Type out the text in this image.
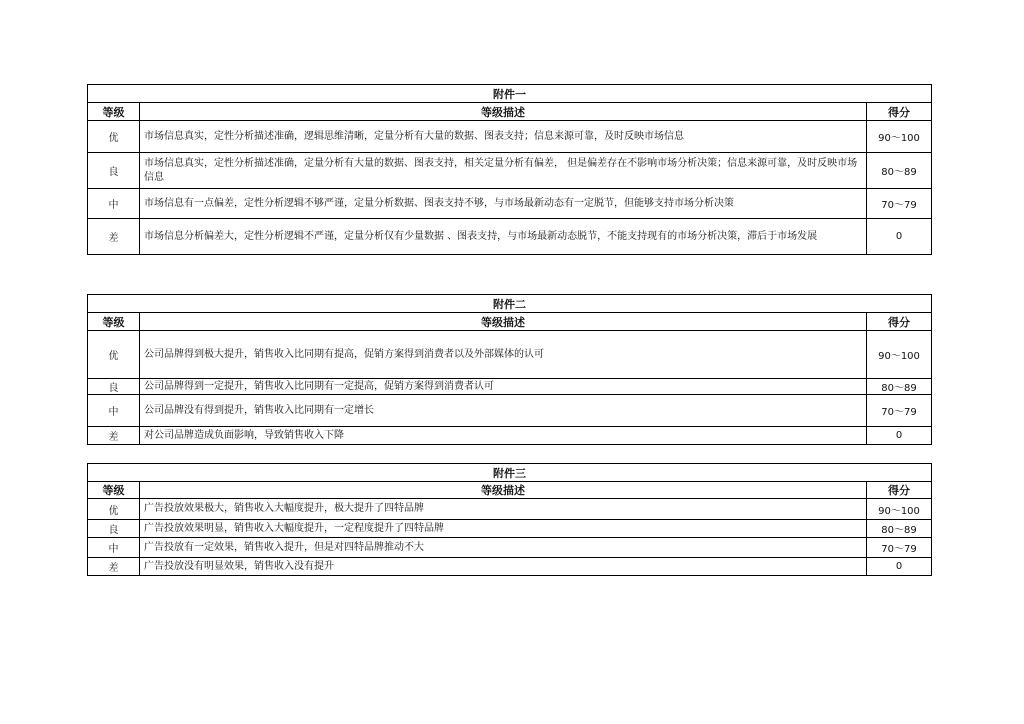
附件一		
等级	等级描述	得分
优	市场信息真实，定性分析描述准确，逻辑思维清晰，定量分析有大量的数据、图表支持；信息来源可靠，及时反映市场信息	90～100
良	市场信息真实，定性分析描述准确，定量分析有大量的数据、图表支持，相关定量分析有偏差， 但是偏差存在不影响市场分析决策；信息来源可靠，及时反映市场信息	80～89
中	市场信息有一点偏差，定性分析逻辑不够严谨，定量分析数据、图表支持不够，与市场最新动态有一定脱节，但能够支持市场分析决策	70～79
差	市场信息分析偏差大，定性分析逻辑不严谨，定量分析仅有少量数据 、图表支持，与市场最新动态脱节，不能支持现有的市场分析决策，滞后于市场发展	0
附件二		
等级	等级描述	得分
优	公司品牌得到极大提升，销售收入比同期有提高，促销方案得到消费者以及外部媒体的认可	90～100
良	公司品牌得到一定提升，销售收入比同期有一定提高，促销方案得到消费者认可	80～89
中	公司品牌没有得到提升，销售收入比同期有一定增长	70～79
差	对公司品牌造成负面影响，导致销售收入下降	0
附件三		
等级	等级描述	得分
优	广告投放效果极大，销售收入大幅度提升，极大提升了四特品牌	90～100
良	广告投放效果明显，销售收入大幅度提升，一定程度提升了四特品牌	80～89
中	广告投放有一定效果，销售收入提升，但是对四特品牌推动不大	70～79
差	广告投放没有明显效果，销售收入没有提升	0
